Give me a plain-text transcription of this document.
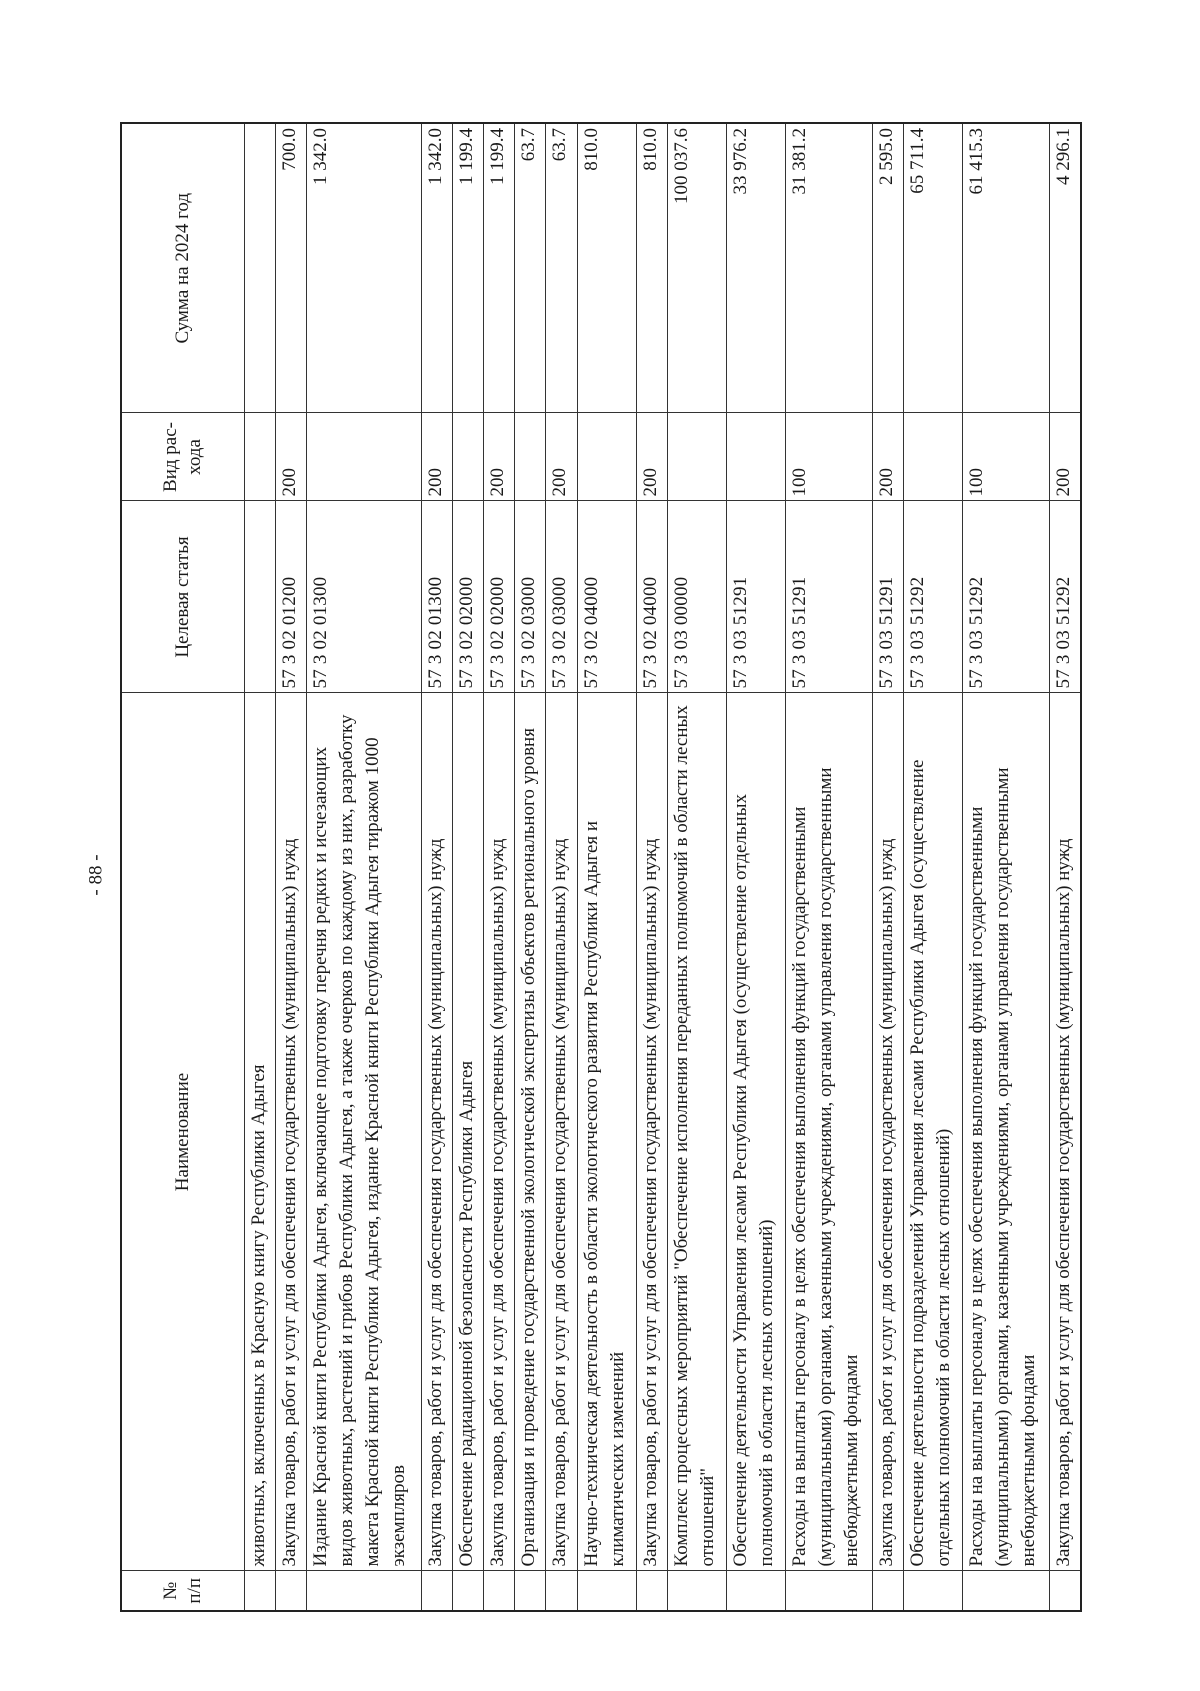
- 88 -
№ п/п	Наименование	Целевая статья	Вид рас-хода	Сумма на 2024 год
	животных, включенных в Красную книгу Республики Адыгея			
	Закупка товаров, работ и услуг для обеспечения государственных (муниципальных) нужд	57 3 02 01200	200	700.0
	Издание Красной книги Республики Адыгея, включающее подготовку перечня редких и исчезающих видов животных, растений и грибов Республики Адыгея, а также очерков по каждому из них, разработку макета Красной книги Республики Адыгея, издание Красной книги Республики Адыгея тиражом 1000 экземпляров	57 3 02 01300		1 342.0
	Закупка товаров, работ и услуг для обеспечения государственных (муниципальных) нужд	57 3 02 01300	200	1 342.0
	Обеспечение радиационной безопасности Республики Адыгея	57 3 02 02000		1 199.4
	Закупка товаров, работ и услуг для обеспечения государственных (муниципальных) нужд	57 3 02 02000	200	1 199.4
	Организация и проведение государственной экологической экспертизы объектов регионального уровня	57 3 02 03000		63.7
	Закупка товаров, работ и услуг для обеспечения государственных (муниципальных) нужд	57 3 02 03000	200	63.7
	Научно-техническая деятельность в области экологического развития Республики Адыгея и климатических изменений	57 3 02 04000		810.0
	Закупка товаров, работ и услуг для обеспечения государственных (муниципальных) нужд	57 3 02 04000	200	810.0
	Комплекс процессных мероприятий "Обеспечение исполнения переданных полномочий в области лесных отношений"	57 3 03 00000		100 037.6
	Обеспечение деятельности Управления лесами Республики Адыгея (осуществление отдельных полномочий в области лесных отношений)	57 3 03 51291		33 976.2
	Расходы на выплаты персоналу в целях обеспечения выполнения функций государственными (муниципальными) органами, казенными учреждениями, органами управления государственными внебюджетными фондами	57 3 03 51291	100	31 381.2
	Закупка товаров, работ и услуг для обеспечения государственных (муниципальных) нужд	57 3 03 51291	200	2 595.0
	Обеспечение деятельности подразделений Управления лесами Республики Адыгея (осуществление отдельных полномочий в области лесных отношений)	57 3 03 51292		65 711.4
	Расходы на выплаты персоналу в целях обеспечения выполнения функций государственными (муниципальными) органами, казенными учреждениями, органами управления государственными внебюджетными фондами	57 3 03 51292	100	61 415.3
	Закупка товаров, работ и услуг для обеспечения государственных (муниципальных) нужд	57 3 03 51292	200	4 296.1
